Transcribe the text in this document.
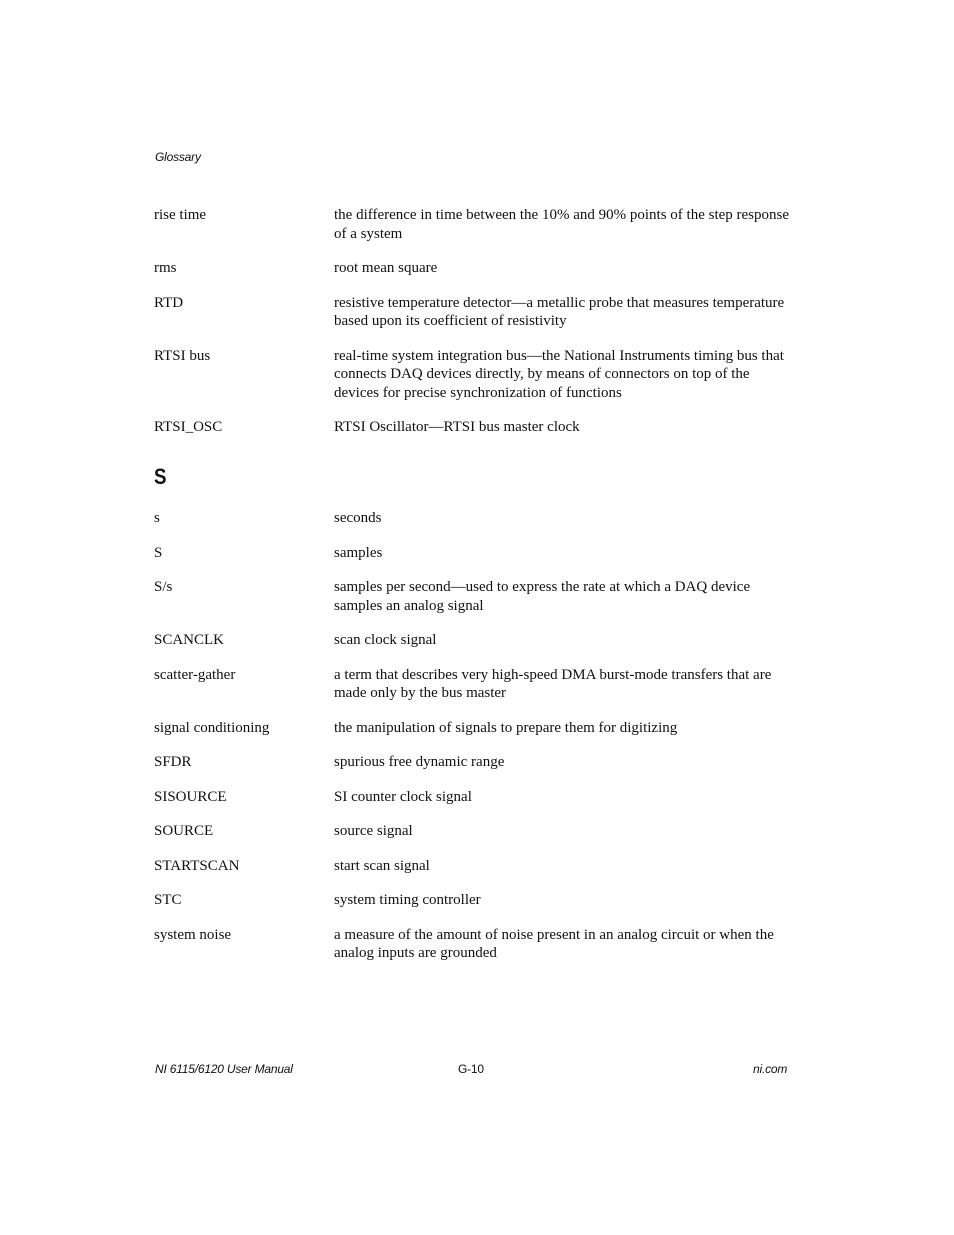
Glossary
rise time	the difference in time between the 10% and 90% points of the step response of a system
rms	root mean square
RTD	resistive temperature detector—a metallic probe that measures temperature based upon its coefficient of resistivity
RTSI bus	real-time system integration bus—the National Instruments timing bus that connects DAQ devices directly, by means of connectors on top of the devices for precise synchronization of functions
RTSI_OSC	RTSI Oscillator—RTSI bus master clock
S
s	seconds
S	samples
S/s	samples per second—used to express the rate at which a DAQ device samples an analog signal
SCANCLK	scan clock signal
scatter-gather	a term that describes very high-speed DMA burst-mode transfers that are made only by the bus master
signal conditioning	the manipulation of signals to prepare them for digitizing
SFDR	spurious free dynamic range
SISOURCE	SI counter clock signal
SOURCE	source signal
STARTSCAN	start scan signal
STC	system timing controller
system noise	a measure of the amount of noise present in an analog circuit or when the analog inputs are grounded
NI 6115/6120 User Manual	G-10	ni.com
